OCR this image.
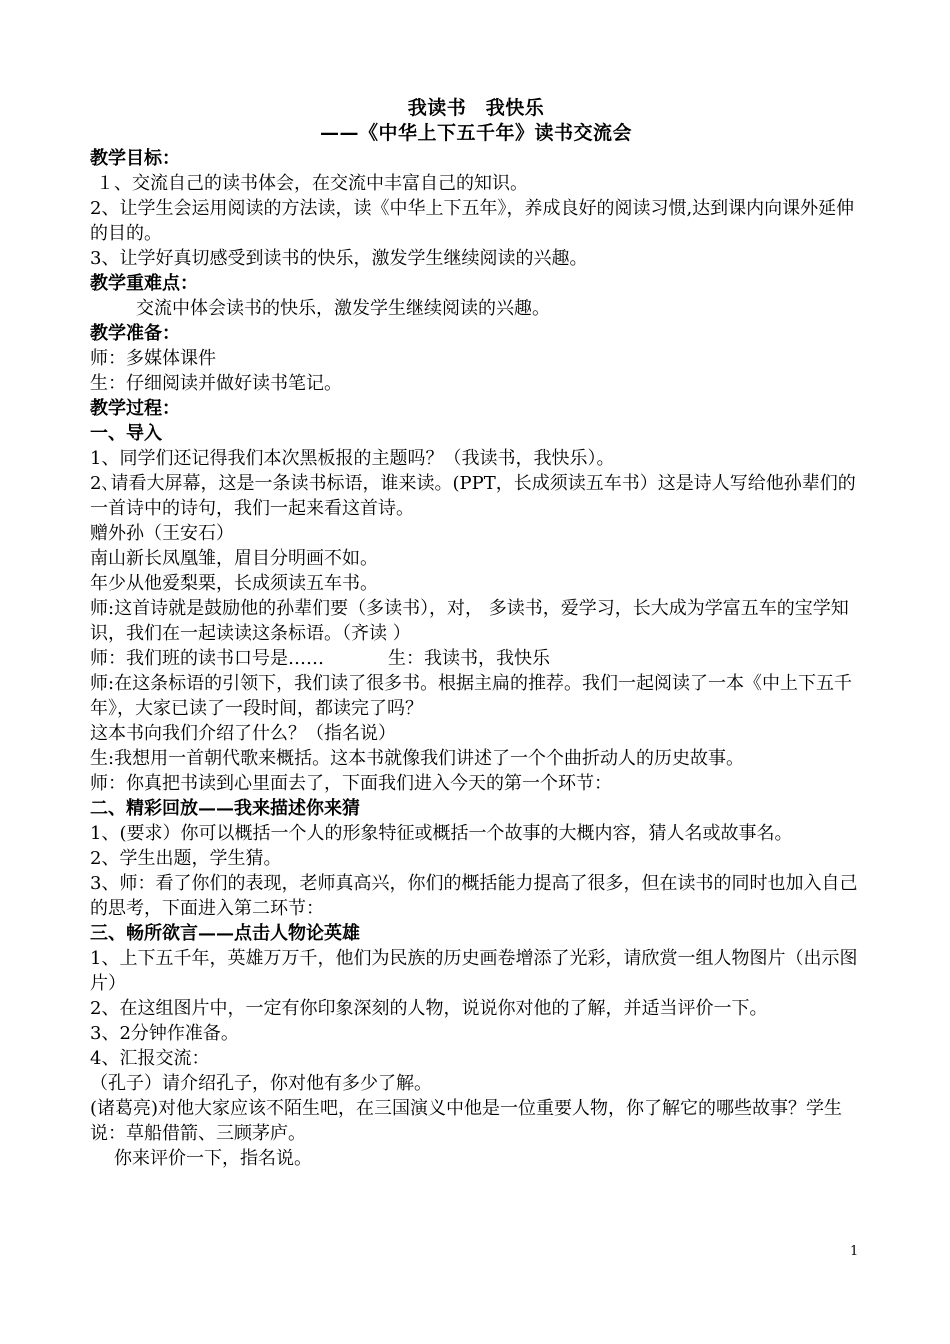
我读书　我快乐
——《中华上下五千年》读书交流会
教学目标：
１、交流自己的读书体会，在交流中丰富自己的知识。
2、让学生会运用阅读的方法读，读《中华上下五年》，养成良好的阅读习惯,达到课内向课外延伸的目的。
3、让学好真切感受到读书的快乐，激发学生继续阅读的兴趣。
教学重难点：
交流中体会读书的快乐，激发学生继续阅读的兴趣。
教学准备：
师：多媒体课件
生：仔细阅读并做好读书笔记。
教学过程：
一、导入
1、同学们还记得我们本次黑板报的主题吗？（我读书，我快乐）。
2､请看大屏幕，这是一条读书标语，谁来读。(PPT，长成须读五车书）这是诗人写给他孙辈们的一首诗中的诗句，我们一起来看这首诗。
赠外孙（王安石）
南山新长凤凰雏，眉目分明画不如。
年少从他爱梨栗，长成须读五车书。
师:这首诗就是鼓励他的孙辈们要（多读书），对， 多读书，爱学习，长大成为学富五车的宝学知识，我们在一起读读这条标语。（齐读 ）
师：我们班的读书口号是……	生：我读书，我快乐
师:在这条标语的引领下，我们读了很多书。根据主扁的推荐。我们一起阅读了一本《中上下五千年》，大家已读了一段时间，都读完了吗？
这本书向我们介绍了什么？（指名说）
生:我想用一首朝代歌来概括。这本书就像我们讲述了一个个曲折动人的历史故事。
师：你真把书读到心里面去了，下面我们进入今天的第一个环节：
二、精彩回放——我来描述你来猜
1、(要求）你可以概括一个人的形象特征或概括一个故事的大概内容，猜人名或故事名。
2、学生出题，学生猜。
3、师：看了你们的表现，老师真高兴，你们的概括能力提高了很多，但在读书的同时也加入自己的思考，下面进入第二环节：
三、畅所欲言——点击人物论英雄
1、上下五千年，英雄万万千，他们为民族的历史画卷增添了光彩，请欣赏一组人物图片（出示图片）
2、在这组图片中，一定有你印象深刻的人物，说说你对他的了解，并适当评价一下。
3、2分钟作准备。
4、汇报交流：
（孔子）请介绍孔子，你对他有多少了解。
(诸葛亮)对他大家应该不陌生吧，在三国演义中他是一位重要人物，你了解它的哪些故事？学生说：草船借箭、三顾茅庐。
你来评价一下，指名说。
1
